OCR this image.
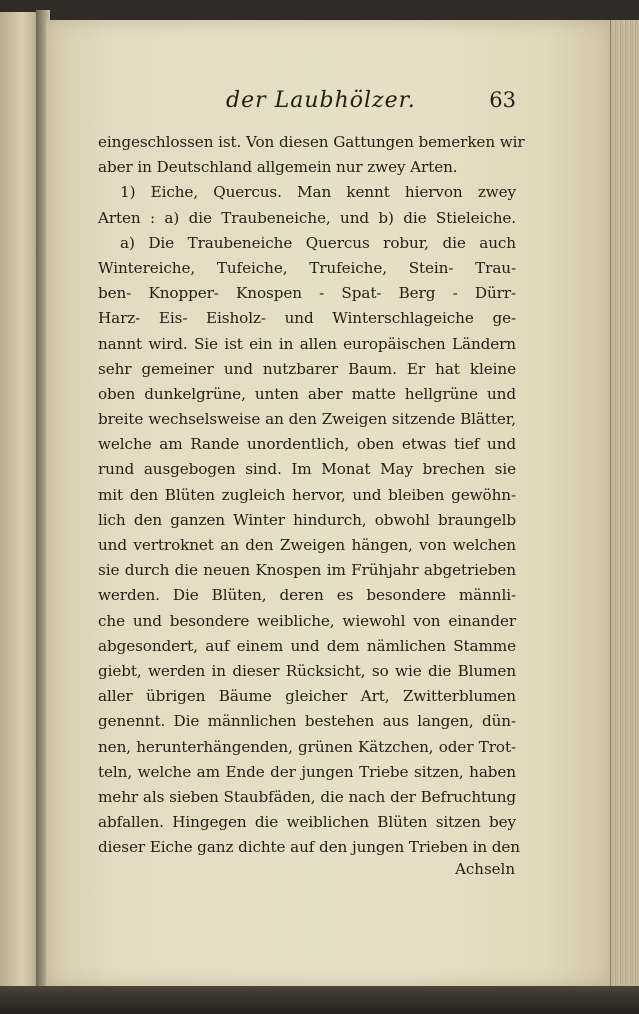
der Laubhölzer.	63
eingeschlossen ist. Von diesen Gattungen bemerken wir
aber in Deutschland allgemein nur zwey Arten.
1) Eiche, Quercus. Man kennt hiervon zwey
Arten : a) die Traubeneiche, und b) die Stieleiche.
a) Die Traubeneiche Quercus robur, die auch
Wintereiche, Tufeiche, Trufeiche, Stein- Trau-
ben- Knopper- Knospen - Spat- Berg - Dürr-
Harz- Eis- Eisholz- und Winterschlageiche ge-
nannt wird. Sie ist ein in allen europäischen Ländern
sehr gemeiner und nutzbarer Baum. Er hat kleine
oben dunkelgrüne, unten aber matte hellgrüne und
breite wechselsweise an den Zweigen sitzende Blätter,
welche am Rande unordentlich, oben etwas tief und
rund ausgebogen sind. Im Monat May brechen sie
mit den Blüten zugleich hervor, und bleiben gewöhn-
lich den ganzen Winter hindurch, obwohl braungelb
und vertroknet an den Zweigen hängen, von welchen
sie durch die neuen Knospen im Frühjahr abgetrieben
werden. Die Blüten, deren es besondere männli-
che und besondere weibliche, wiewohl von einander
abgesondert, auf einem und dem nämlichen Stamme
giebt, werden in dieser Rücksicht, so wie die Blumen
aller übrigen Bäume gleicher Art, Zwitterblumen
genennt. Die männlichen bestehen aus langen, dün-
nen, herunterhängenden, grünen Kätzchen, oder Trot-
teln, welche am Ende der jungen Triebe sitzen, haben
mehr als sieben Staubfäden, die nach der Befruchtung
abfallen. Hingegen die weiblichen Blüten sitzen bey
dieser Eiche ganz dichte auf den jungen Trieben in den
Achseln
